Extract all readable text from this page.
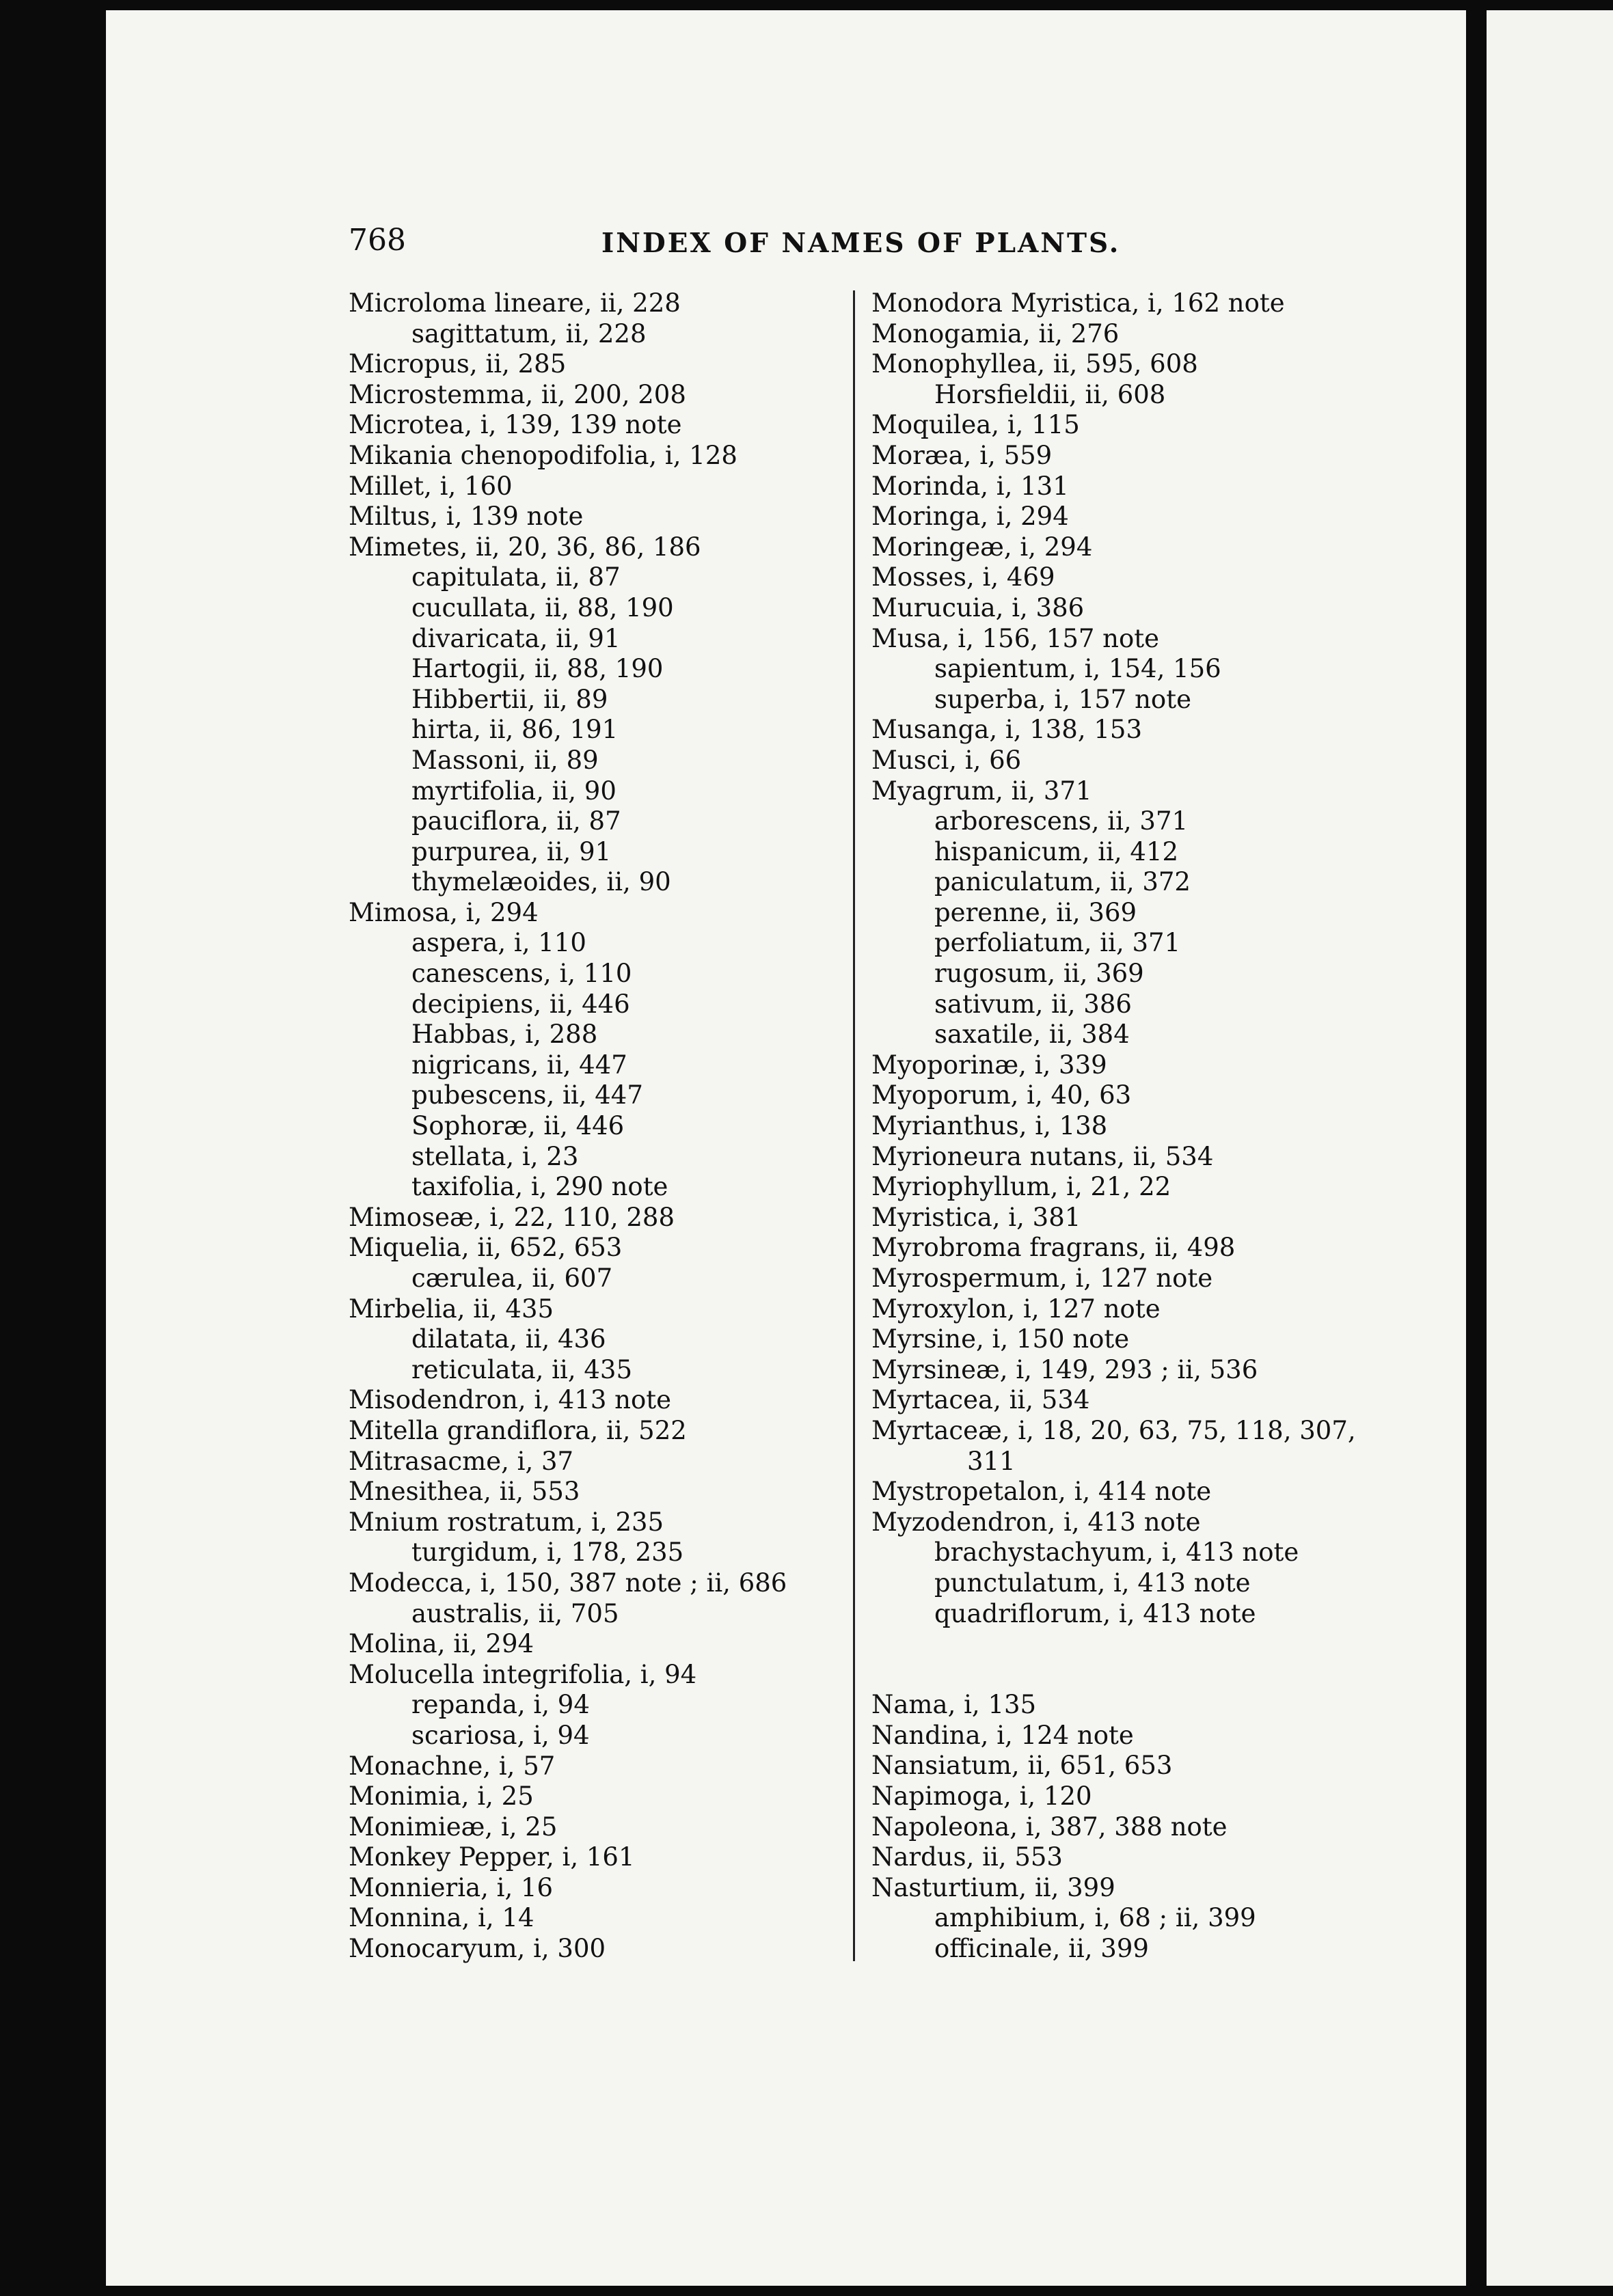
768	INDEX OF NAMES OF PLANTS.
Microloma lineare, ii, 228
sagittatum, ii, 228
Micropus, ii, 285
Microstemma, ii, 200, 208
Microtea, i, 139, 139 note
Mikania chenopodifolia, i, 128
Millet, i, 160
Miltus, i, 139 note
Mimetes, ii, 20, 36, 86, 186
capitulata, ii, 87
cucullata, ii, 88, 190
divaricata, ii, 91
Hartogii, ii, 88, 190
Hibbertii, ii, 89
hirta, ii, 86, 191
Massoni, ii, 89
myrtifolia, ii, 90
pauciflora, ii, 87
purpurea, ii, 91
thymelæoides, ii, 90
Mimosa, i, 294
aspera, i, 110
canescens, i, 110
decipiens, ii, 446
Habbas, i, 288
nigricans, ii, 447
pubescens, ii, 447
Sophoræ, ii, 446
stellata, i, 23
taxifolia, i, 290 note
Mimoseæ, i, 22, 110, 288
Miquelia, ii, 652, 653
cærulea, ii, 607
Mirbelia, ii, 435
dilatata, ii, 436
reticulata, ii, 435
Misodendron, i, 413 note
Mitella grandiflora, ii, 522
Mitrasacme, i, 37
Mnesithea, ii, 553
Mnium rostratum, i, 235
turgidum, i, 178, 235
Modecca, i, 150, 387 note ; ii, 686
australis, ii, 705
Molina, ii, 294
Molucella integrifolia, i, 94
repanda, i, 94
scariosa, i, 94
Monachne, i, 57
Monimia, i, 25
Monimieæ, i, 25
Monkey Pepper, i, 161
Monnieria, i, 16
Monnina, i, 14
Monocaryum, i, 300
Monodora Myristica, i, 162 note
Monogamia, ii, 276
Monophyllea, ii, 595, 608
Horsfieldii, ii, 608
Moquilea, i, 115
Moræa, i, 559
Morinda, i, 131
Moringa, i, 294
Moringeæ, i, 294
Mosses, i, 469
Murucuia, i, 386
Musa, i, 156, 157 note
sapientum, i, 154, 156
superba, i, 157 note
Musanga, i, 138, 153
Musci, i, 66
Myagrum, ii, 371
arborescens, ii, 371
hispanicum, ii, 412
paniculatum, ii, 372
perenne, ii, 369
perfoliatum, ii, 371
rugosum, ii, 369
sativum, ii, 386
saxatile, ii, 384
Myoporinæ, i, 339
Myoporum, i, 40, 63
Myrianthus, i, 138
Myrioneura nutans, ii, 534
Myriophyllum, i, 21, 22
Myristica, i, 381
Myrobroma fragrans, ii, 498
Myrospermum, i, 127 note
Myroxylon, i, 127 note
Myrsine, i, 150 note
Myrsineæ, i, 149, 293 ; ii, 536
Myrtacea, ii, 534
Myrtaceæ, i, 18, 20, 63, 75, 118, 307,
311
Mystropetalon, i, 414 note
Myzodendron, i, 413 note
brachystachyum, i, 413 note
punctulatum, i, 413 note
quadriflorum, i, 413 note
Nama, i, 135
Nandina, i, 124 note
Nansiatum, ii, 651, 653
Napimoga, i, 120
Napoleona, i, 387, 388 note
Nardus, ii, 553
Nasturtium, ii, 399
amphibium, i, 68 ; ii, 399
officinale, ii, 399
